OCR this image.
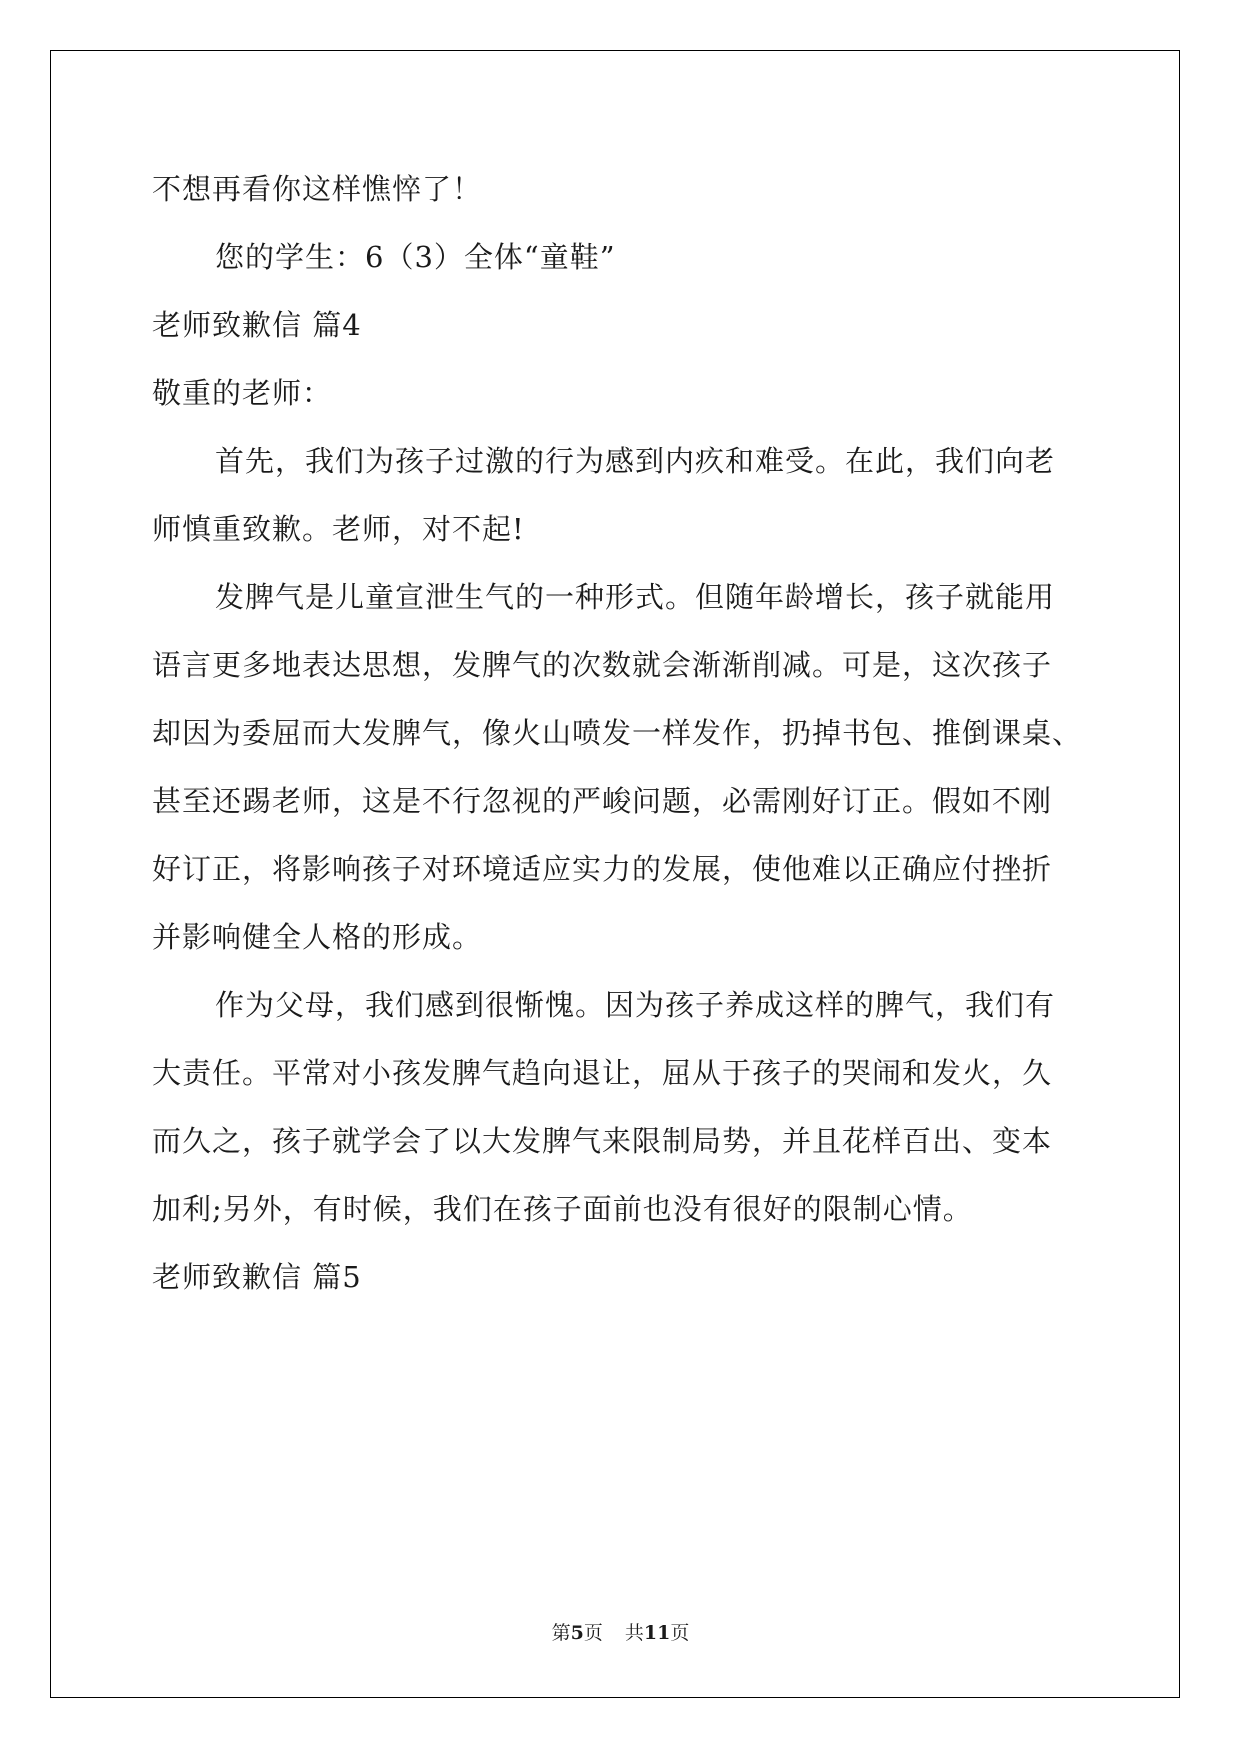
不想再看你这样憔悴了！
您的学生：6（3）全体“童鞋”
老师致歉信 篇4
敬重的老师：
首先，我们为孩子过激的行为感到内疚和难受。在此，我们向老
师慎重致歉。老师，对不起!
发脾气是儿童宣泄生气的一种形式。但随年龄增长，孩子就能用
语言更多地表达思想，发脾气的次数就会渐渐削减。可是，这次孩子
却因为委屈而大发脾气，像火山喷发一样发作，扔掉书包、推倒课桌、
甚至还踢老师，这是不行忽视的严峻问题，必需刚好订正。假如不刚
好订正，将影响孩子对环境适应实力的发展，使他难以正确应付挫折
并影响健全人格的形成。
作为父母，我们感到很惭愧。因为孩子养成这样的脾气，我们有
大责任。平常对小孩发脾气趋向退让，屈从于孩子的哭闹和发火，久
而久之，孩子就学会了以大发脾气来限制局势，并且花样百出、变本
加利;另外，有时候，我们在孩子面前也没有很好的限制心情。
老师致歉信 篇5
第5页 共11页
